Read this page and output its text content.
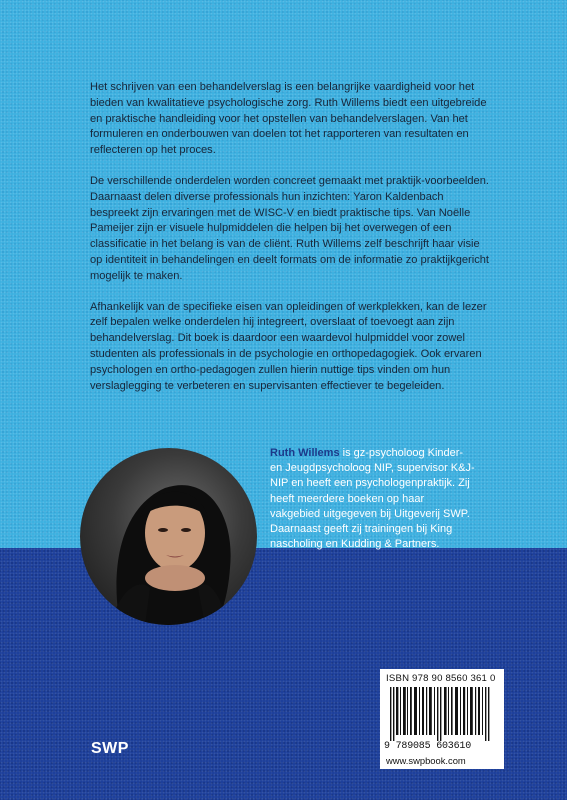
Het schrijven van een behandelverslag is een belangrijke vaardigheid voor het bieden van kwalitatieve psychologische zorg. Ruth Willems biedt een uitgebreide en praktische handleiding voor het opstellen van behandelverslagen. Van het formuleren en onderbouwen van doelen tot het rapporteren van resultaten en reflecteren op het proces.

De verschillende onderdelen worden concreet gemaakt met praktijk-voorbeelden. Daarnaast delen diverse professionals hun inzichten: Yaron Kaldenbach bespreekt zijn ervaringen met de WISC-V en biedt praktische tips. Van Noëlle Pameijer zijn er visuele hulpmiddelen die helpen bij het overwegen of een classificatie in het belang is van de cliënt. Ruth Willems zelf beschrijft haar visie op identiteit in behandelingen en deelt formats om de informatie zo praktijkgericht mogelijk te maken.

Afhankelijk van de specifieke eisen van opleidingen of werkplekken, kan de lezer zelf bepalen welke onderdelen hij integreert, overslaat of toevoegt aan zijn behandelverslag. Dit boek is daardoor een waardevol hulpmiddel voor zowel studenten als professionals in de psychologie en orthopedagogiek. Ook ervaren psychologen en ortho-pedagogen zullen hierin nuttige tips vinden om hun verslaglegging te verbeteren en supervisanten effectiever te begeleiden.

Ruth Willems is gz-psycholoog Kinder- en Jeugdpsycholoog NIP, supervisor K&J-NIP en heeft een psychologenpraktijk. Zij heeft meerdere boeken op haar vakgebied uitgegeven bij Uitgeverij SWP. Daarnaast geeft zij trainingen bij King nascholing en Kudding & Partners.
ISBN 978 90 8560 361 0
9 789085 603610
www.swpbook.com
SWP
